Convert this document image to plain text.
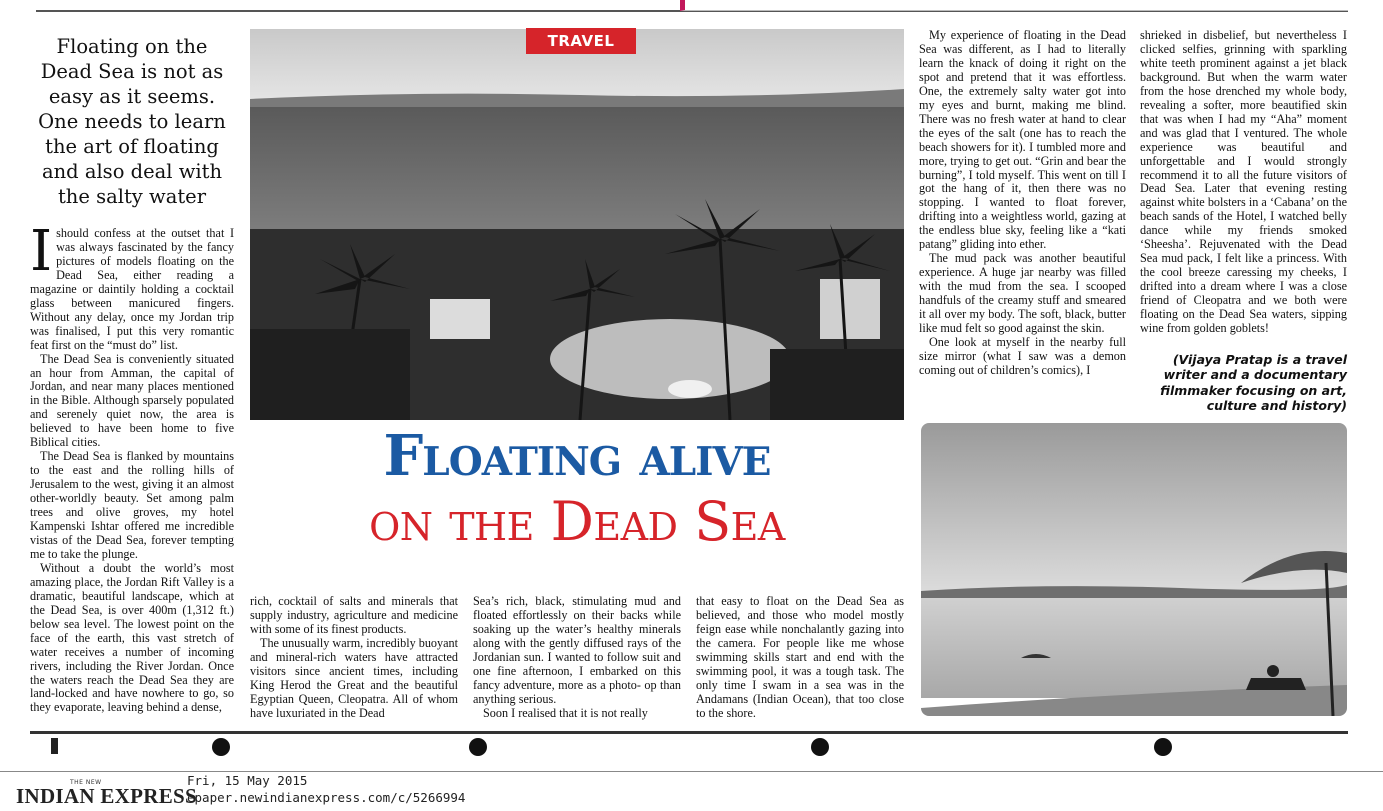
Floating on the Dead Sea is not as easy as it seems. One needs to learn the art of floating and also deal with the salty water

Ishould confess at the outset that I was always fascinated by the fancy pictures of models floating on the Dead Sea, either reading a magazine or daintily holding a cocktail glass between manicured fingers. Without any delay, once my Jordan trip was finalised, I put this very romantic feat first on the “must do” list.

The Dead Sea is conveniently situated an hour from Amman, the capital of Jordan, and near many places mentioned in the Bible. Although sparsely populated and serenely quiet now, the area is believed to have been home to five Biblical cities.

The Dead Sea is flanked by mountains to the east and the rolling hills of Jerusalem to the west, giving it an almost other-worldly beauty. Set among palm trees and olive groves, my hotel Kampenski Ishtar offered me incredible vistas of the Dead Sea, forever tempting me to take the plunge.

Without a doubt the world’s most amazing place, the Jordan Rift Valley is a dramatic, beautiful landscape, which at the Dead Sea, is over 400m (1,312 ft.) below sea level. The lowest point on the face of the earth, this vast stretch of water receives a number of incoming rivers, including the River Jordan. Once the waters reach the Dead Sea they are land-locked and have nowhere to go, so they evaporate, leaving behind a dense,

TRAVEL
Floating alive
on the Dead Sea

rich, cocktail of salts and minerals that supply industry, agriculture and medicine with some of its finest products.

The unusually warm, incredibly buoyant and mineral-rich waters have attracted visitors since ancient times, including King Herod the Great and the beautiful Egyptian Queen, Cleopatra. All of whom have luxuriated in the Dead

Sea’s rich, black, stimulating mud and floated effortlessly on their backs while soaking up the water’s healthy minerals along with the gently diffused rays of the Jordanian sun. I wanted to follow suit and one fine afternoon, I embarked on this fancy adventure, more as a photo- op than anything serious.

Soon I realised that it is not really

that easy to float on the Dead Sea as believed, and those who model mostly feign ease while nonchalantly gazing into the camera. For people like me whose swimming skills start and end with the swimming pool, it was a tough task. The only time I swam in a sea was in the Andamans (Indian Ocean), that too close to the shore.

My experience of floating in the Dead Sea was different, as I had to literally learn the knack of doing it right on the spot and pretend that it was effortless. One, the extremely salty water got into my eyes and burnt, making me blind. There was no fresh water at hand to clear the eyes of the salt (one has to reach the beach showers for it). I tumbled more and more, trying to get out. “Grin and bear the burning”, I told myself. This went on till I got the hang of it, then there was no stopping. I wanted to float forever, drifting into a weightless world, gazing at the endless blue sky, feeling like a “kati patang” gliding into ether.

The mud pack was another beautiful experience. A huge jar nearby was filled with the mud from the sea. I scooped handfuls of the creamy stuff and smeared it all over my body. The soft, black, butter like mud felt so good against the skin.

One look at myself in the nearby full size mirror (what I saw was a demon coming out of children’s comics), I

shrieked in disbelief, but nevertheless I clicked selfies, grinning with sparkling white teeth prominent against a jet black background. But when the warm water from the hose drenched my whole body, revealing a softer, more beautified skin that was when I had my “Aha” moment and was glad that I ventured. The whole experience was beautiful and unforgettable and I would strongly recommend it to all the future visitors of Dead Sea. Later that evening resting against white bolsters in a ‘Cabana’ on the beach sands of the Hotel, I watched belly dance while my friends smoked ‘Sheesha’. Rejuvenated with the Dead Sea mud pack, I felt like a princess. With the cool breeze caressing my cheeks, I drifted into a dream where I was a close friend of Cleopatra and we both were floating on the Dead Sea waters, sipping wine from golden goblets!

(Vijaya Pratap is a travel writer and a documentary filmmaker focusing on art, culture and history)
THE NEW
INDIAN EXPRESS
Fri, 15 May 2015
epaper.newindianexpress.com/c/5266994
